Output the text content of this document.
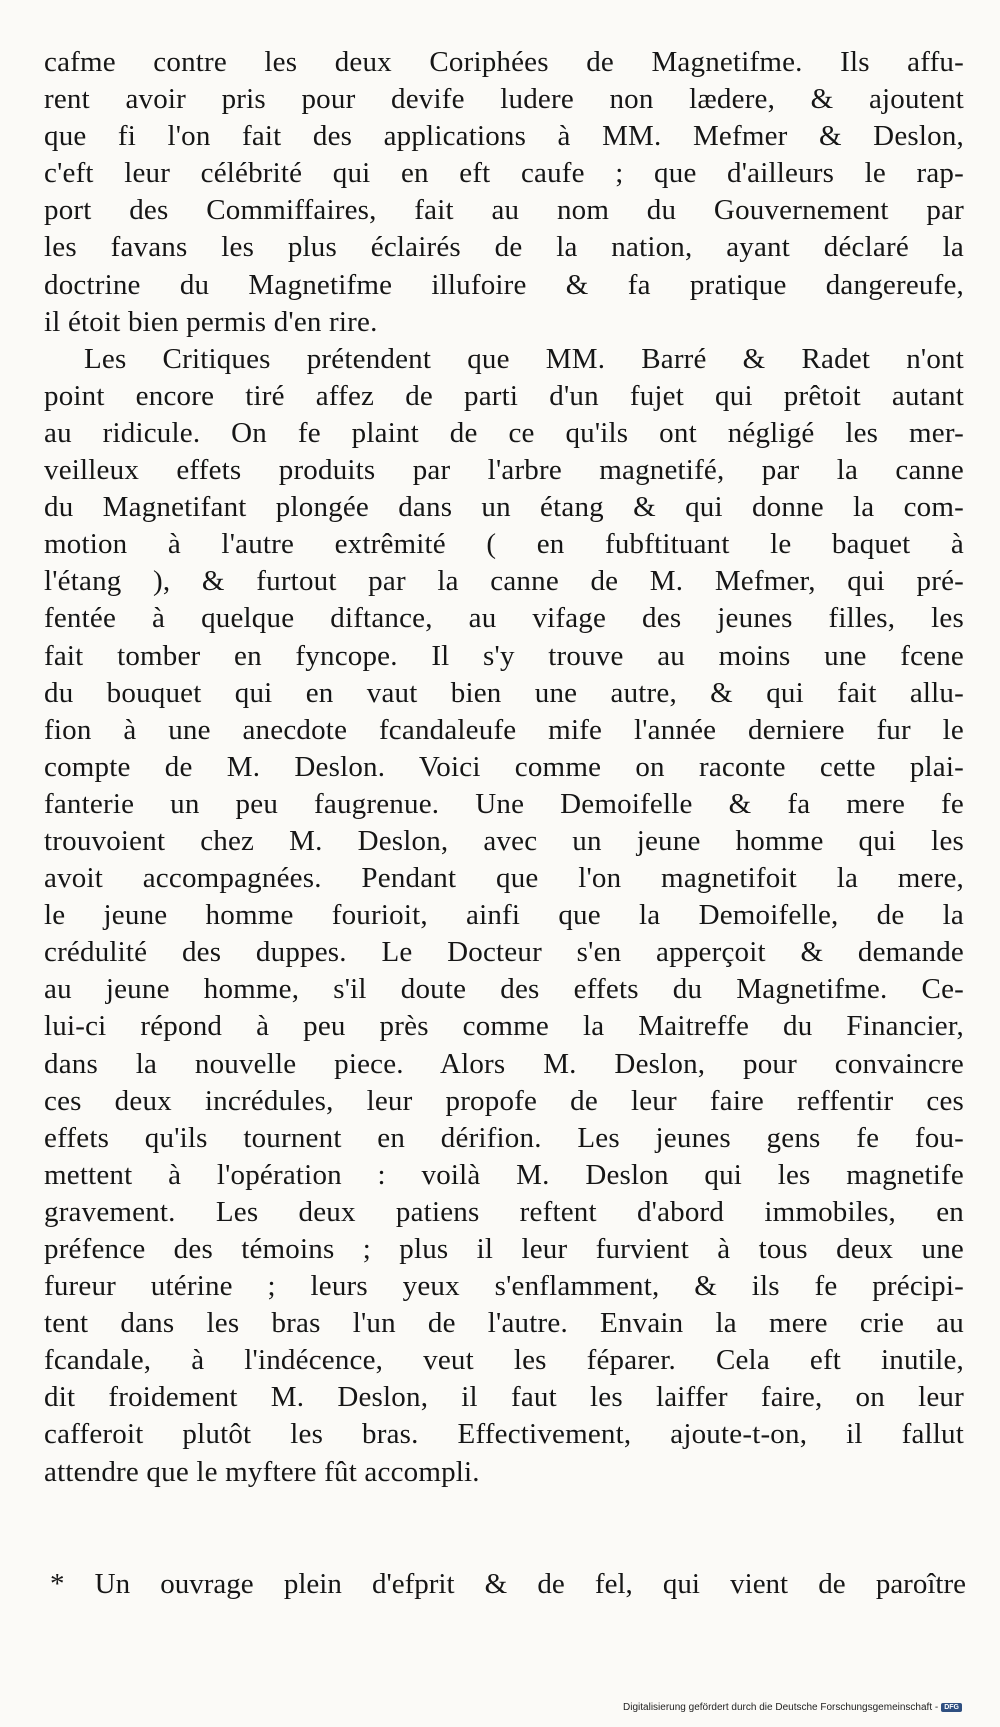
cafme contre les deux Coriphées de Magnetifme. Ils affu-
rent avoir pris pour devife ludere non lædere, & ajoutent
que fi l'on fait des applications à MM. Mefmer & Deslon,
c'eft leur célébrité qui en eft caufe ; que d'ailleurs le rap-
port des Commiffaires, fait au nom du Gouvernement par
les favans les plus éclairés de la nation, ayant déclaré la
doctrine du Magnetifme illufoire & fa pratique dangereufe,
il étoit bien permis d'en rire.
Les Critiques prétendent que MM. Barré & Radet n'ont
point encore tiré affez de parti d'un fujet qui prêtoit autant
au ridicule. On fe plaint de ce qu'ils ont négligé les mer-
veilleux effets produits par l'arbre magnetifé, par la canne
du Magnetifant plongée dans un étang & qui donne la com-
motion à l'autre extrêmité ( en fubftituant le baquet à
l'étang ), & furtout par la canne de M. Mefmer, qui pré-
fentée à quelque diftance, au vifage des jeunes filles, les
fait tomber en fyncope. Il s'y trouve au moins une fcene
du bouquet qui en vaut bien une autre, & qui fait allu-
fion à une anecdote fcandaleufe mife l'année derniere fur le
compte de M. Deslon. Voici comme on raconte cette plai-
fanterie un peu faugrenue. Une Demoifelle & fa mere fe
trouvoient chez M. Deslon, avec un jeune homme qui les
avoit accompagnées. Pendant que l'on magnetifoit la mere,
le jeune homme fourioit, ainfi que la Demoifelle, de la
crédulité des duppes. Le Docteur s'en apperçoit & demande
au jeune homme, s'il doute des effets du Magnetifme. Ce-
lui-ci répond à peu près comme la Maitreffe du Financier,
dans la nouvelle piece. Alors M. Deslon, pour convaincre
ces deux incrédules, leur propofe de leur faire reffentir ces
effets qu'ils tournent en dérifion. Les jeunes gens fe fou-
mettent à l'opération : voilà M. Deslon qui les magnetife
gravement. Les deux patiens reftent d'abord immobiles, en
préfence des témoins ; plus il leur furvient à tous deux une
fureur utérine ; leurs yeux s'enflamment, & ils fe précipi-
tent dans les bras l'un de l'autre. Envain la mere crie au
fcandale, à l'indécence, veut les féparer. Cela eft inutile,
dit froidement M. Deslon, il faut les laiffer faire, on leur
cafferoit plutôt les bras. Effectivement, ajoute-t-on, il fallut
attendre que le myftere fût accompli.
* Un ouvrage plein d'efprit & de fel, qui vient de paroître
Digitalisierung gefördert durch die Deutsche Forschungsgemeinschaft - DFG
